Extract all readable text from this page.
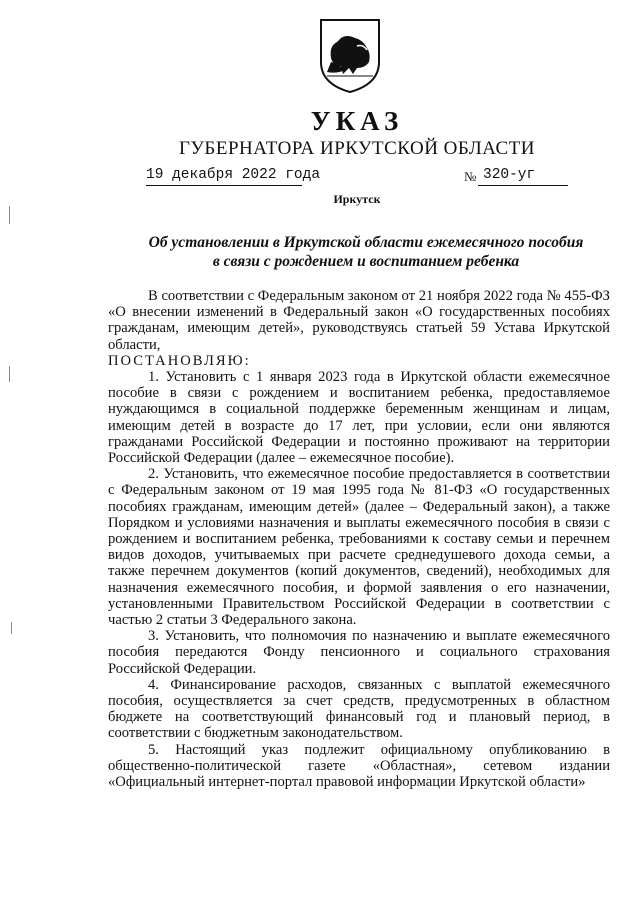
УКАЗ
ГУБЕРНАТОРА ИРКУТСКОЙ ОБЛАСТИ
19 декабря 2022 года	№ 320-уг
Иркутск
Об установлении в Иркутской области ежемесячного пособия
в связи с рождением и воспитанием ребенка

В соответствии с Федеральным законом от 21 ноября 2022 года № 455-ФЗ «О внесении изменений в Федеральный закон «О государственных пособиях гражданам, имеющим детей», руководствуясь статьей 59 Устава Иркутской области,

ПОСТАНОВЛЯЮ:

1. Установить с 1 января 2023 года в Иркутской области ежемесячное пособие в связи с рождением и воспитанием ребенка, предоставляемое нуждающимся в социальной поддержке беременным женщинам и лицам, имеющим детей в возрасте до 17 лет, при условии, если они являются гражданами Российской Федерации и постоянно проживают на территории Российской Федерации (далее – ежемесячное пособие).

2. Установить, что ежемесячное пособие предоставляется в соответствии с Федеральным законом от 19 мая 1995 года № 81-ФЗ «О государственных пособиях гражданам, имеющим детей» (далее – Федеральный закон), а также Порядком и условиями назначения и выплаты ежемесячного пособия в связи с рождением и воспитанием ребенка, требованиями к составу семьи и перечнем видов доходов, учитываемых при расчете среднедушевого дохода семьи, а также перечнем документов (копий документов, сведений), необходимых для назначения ежемесячного пособия, и формой заявления о его назначении, установленными Правительством Российской Федерации в соответствии с частью 2 статьи 3 Федерального закона.

3. Установить, что полномочия по назначению и выплате ежемесячного пособия передаются Фонду пенсионного и социального страхования Российской Федерации.

4. Финансирование расходов, связанных с выплатой ежемесячного пособия, осуществляется за счет средств, предусмотренных в областном бюджете на соответствующий финансовый год и плановый период, в соответствии с бюджетным законодательством.

5. Настоящий указ подлежит официальному опубликованию в общественно-политической газете «Областная», сетевом издании «Официальный интернет-портал правовой информации Иркутской области»
